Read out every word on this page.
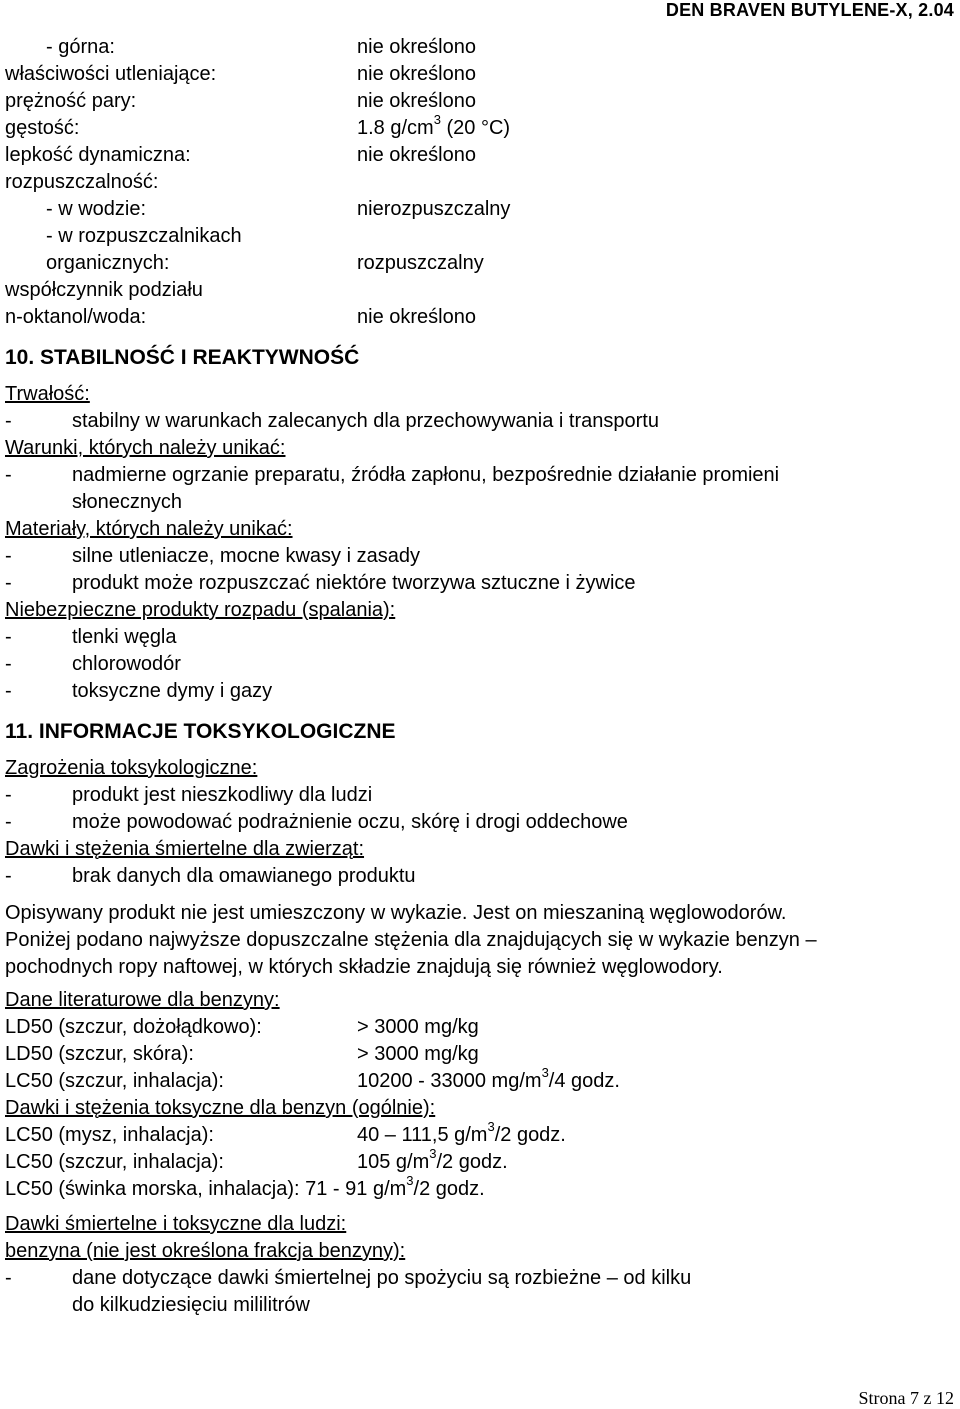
DEN BRAVEN BUTYLENE-X, 2.04
- górna:	nie określono
właściwości utleniające:	nie określono
prężność pary:	nie określono
gęstość:	1.8 $g/cm^3$ (20 °C)
lepkość dynamiczna:	nie określono
rozpuszczalność:
- w wodzie:	nierozpuszczalny
- w rozpuszczalnikach
organicznych:	rozpuszczalny
współczynnik podziału
n-oktanol/woda:	nie określono
10. STABILNOŚĆ I REAKTYWNOŚĆ
Trwałość:
-	stabilny w warunkach zalecanych dla przechowywania i transportu
Warunki, których należy unikać:
-	nadmierne ogrzanie preparatu, źródła zapłonu, bezpośrednie działanie promieni
słonecznych
Materiały, których należy unikać:
-	silne utleniacze, mocne kwasy i zasady
-	produkt może rozpuszczać niektóre tworzywa sztuczne i żywice
Niebezpieczne produkty rozpadu (spalania):
-	tlenki węgla
-	chlorowodór
-	toksyczne dymy i gazy
11. INFORMACJE TOKSYKOLOGICZNE
Zagrożenia toksykologiczne:
-	produkt jest nieszkodliwy dla ludzi
-	może powodować podrażnienie oczu, skórę i drogi oddechowe
Dawki i stężenia śmiertelne dla zwierząt:
-	brak danych dla omawianego produktu
Opisywany produkt nie jest umieszczony w wykazie. Jest on mieszaniną węglowodorów.
Poniżej podano najwyższe dopuszczalne stężenia dla znajdujących się w wykazie benzyn –
pochodnych ropy naftowej, w których składzie znajdują się również węglowodory.
Dane literaturowe dla benzyny:
LD50 (szczur, dożołądkowo):	> 3000 mg/kg
LD50 (szczur, skóra):	> 3000 mg/kg
LC50 (szczur, inhalacja):	10200 - 33000 $mg/m^3/4$ godz.
Dawki i stężenia toksyczne dla benzyn (ogólnie):
LC50 (mysz, inhalacja):	40 – 111,5 $g/m^3/2$ godz.
LC50 (szczur, inhalacja):	105 $g/m^3/2$ godz.
LC50 (świnka morska, inhalacja): 71 - 91 $g/m^3/2$ godz.
Dawki śmiertelne i toksyczne dla ludzi:
benzyna (nie jest określona frakcja benzyny):
-	dane dotyczące dawki śmiertelnej po spożyciu są rozbieżne – od kilku
do kilkudziesięciu mililitrów
Strona 7 z 12
